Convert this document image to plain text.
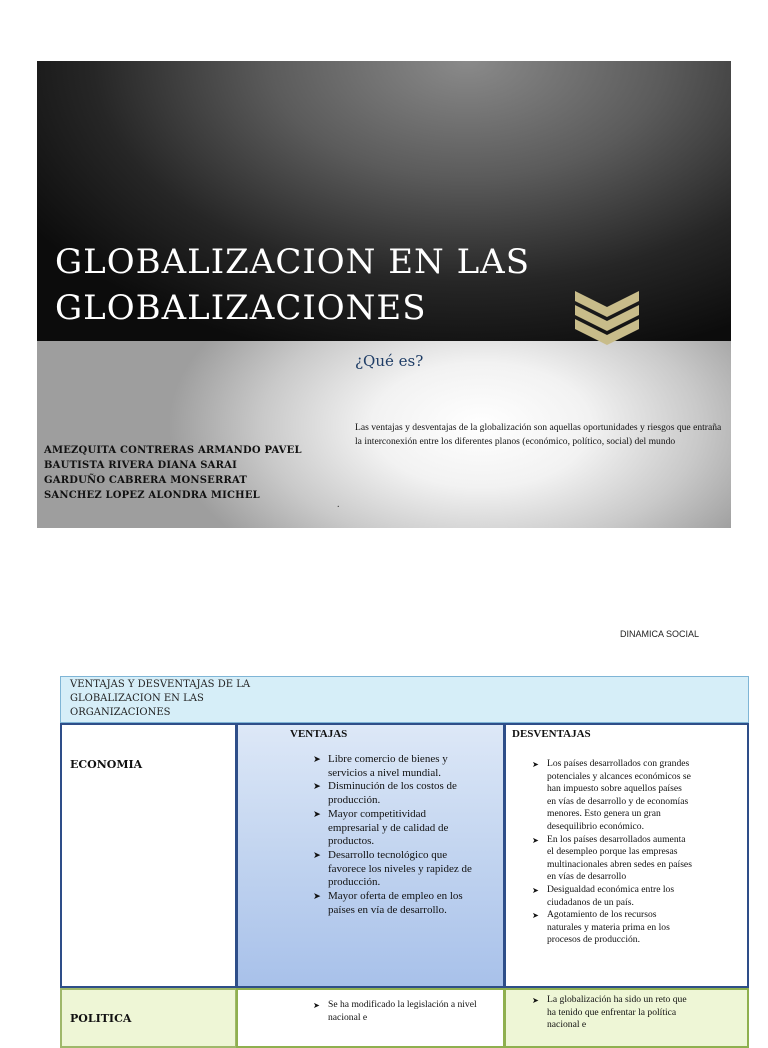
GLOBALIZACION EN LAS
GLOBALIZACIONES
¿Qué es?
Las ventajas y desventajas de la globalización son aquellas oportunidades y riesgos que entraña la interconexión entre los diferentes planos (económico, político, social) del mundo
AMEZQUITA CONTRERAS ARMANDO PAVEL
BAUTISTA RIVERA DIANA SARAI
GARDUÑO CABRERA MONSERRAT
SANCHEZ LOPEZ ALONDRA MICHEL
.
DINAMICA SOCIAL
VENTAJAS Y DESVENTAJAS DE LA
GLOBALIZACION EN LAS
ORGANIZACIONES
ECONOMIA
VENTAJAS
➤ Libre comercio de bienes y servicios a nivel mundial.
➤ Disminución de los costos de producción.
➤ Mayor competitividad empresarial y de calidad de productos.
➤ Desarrollo tecnológico que favorece los niveles y rapidez de producción.
➤ Mayor oferta de empleo en los países en vía de desarrollo.
DESVENTAJAS
➤ Los países desarrollados con grandes potenciales y alcances económicos se han impuesto sobre aquellos países en vías de desarrollo y de economías menores. Esto genera un gran desequilibrio económico.
➤ En los países desarrollados aumenta el desempleo porque las empresas multinacionales abren sedes en países en vías de desarrollo
➤ Desigualdad económica entre los ciudadanos de un país.
➤ Agotamiento de los recursos naturales y materia prima en los procesos de producción.
POLITICA
➤ Se ha modificado la legislación a nivel nacional e
➤ La globalización ha sido un reto que ha tenido que enfrentar la política nacional e
